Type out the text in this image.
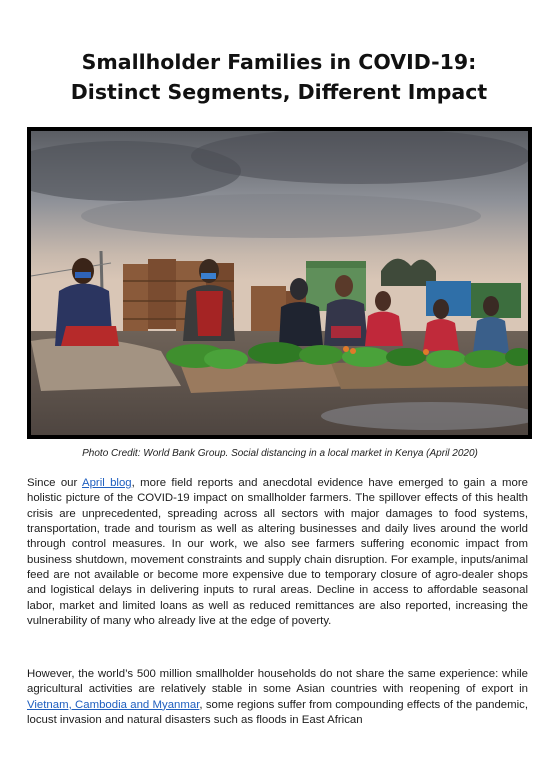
Smallholder Families in COVID-19:
Distinct Segments, Different Impact
Photo Credit: World Bank Group. Social distancing in a local market in Kenya (April 2020)

Since our April blog, more field reports and anecdotal evidence have emerged to gain a more holistic picture of the COVID-19 impact on smallholder farmers. The spillover effects of this health crisis are unprecedented, spreading across all sectors with major damages to food systems, transportation, trade and tourism as well as altering businesses and daily lives around the world through control measures. In our work, we also see farmers suffering economic impact from business shutdown, movement constraints and supply chain disruption. For example, inputs/animal feed are not available or become more expensive due to temporary closure of agro-dealer shops and logistical delays in delivering inputs to rural areas. Decline in access to affordable seasonal labor, market and limited loans as well as reduced remittances are also reported, increasing the vulnerability of many who already live at the edge of poverty.

However, the world’s 500 million smallholder households do not share the same experience: while agricultural activities are relatively stable in some Asian countries with reopening of export in Vietnam, Cambodia and Myanmar, some regions suffer from compounding effects of the pandemic, locust invasion and natural disasters such as floods in East African
